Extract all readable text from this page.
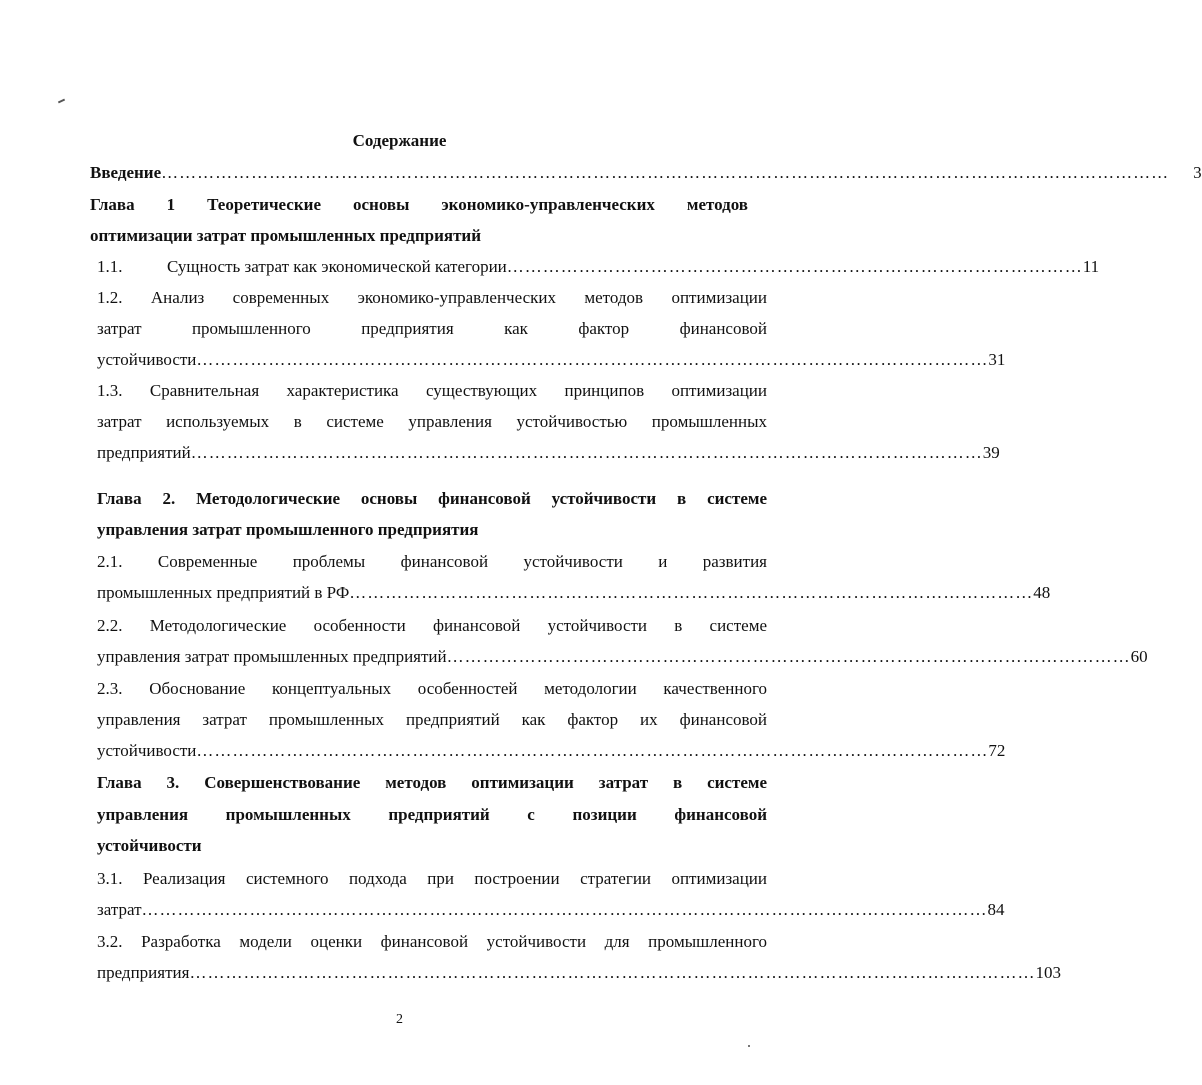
Содержание
Введение ……………………………………………………………………………………………………………………………………………………	3
Глава 1 Теоретические основы экономико-управленческих методов
оптимизации затрат промышленных предприятий
1.1.	Сущность затрат как экономической категории …………………………………………………………………………………… 11
1.2. Анализ современных экономико-управленческих методов оптимизации
затрат промышленного предприятия как фактор финансовой
устойчивости …………………………………………………………………………………………………………………… 31
1.3. Сравнительная характеристика существующих принципов оптимизации
затрат используемых в системе управления устойчивостью промышленных
предприятий …………………………………………………………………………………………………………………… 39
Глава 2. Методологические основы финансовой устойчивости в системе
управления затрат промышленного предприятия
2.1. Современные проблемы финансовой устойчивости и развития
промышленных предприятий в РФ …………………………………………………………………………………………………… 48
2.2. Методологические особенности финансовой устойчивости в системе
управления затрат промышленных предприятий …………………………………………………………………………………………………… 60
2.3. Обоснование концептуальных особенностей методологии качественного
управления затрат промышленных предприятий как фактор их финансовой
устойчивости …………………………………………………………………………………………………………………… 72
Глава 3. Совершенствование методов оптимизации затрат в системе
управления промышленных предприятий с позиции финансовой
устойчивости
3.1. Реализация системного подхода при построении стратегии оптимизации
затрат …………………………………………………………………………………………………………………………… 84
3.2. Разработка модели оценки финансовой устойчивости для промышленного
предприятия …………………………………………………………………………………………………………………………… 103
2
